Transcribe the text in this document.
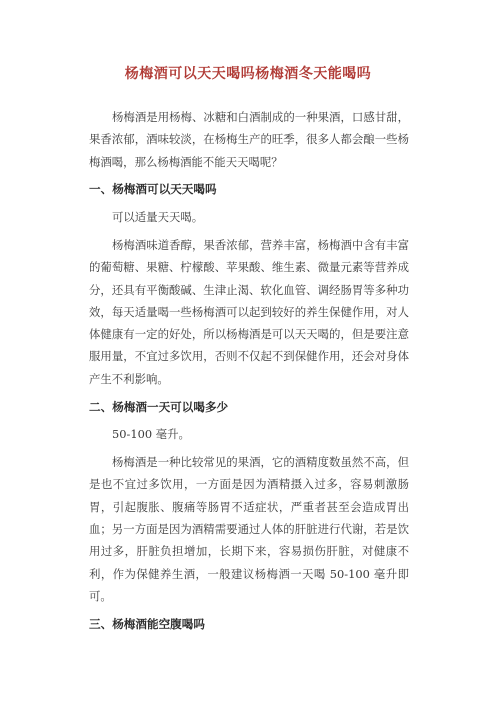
杨梅酒可以天天喝吗杨梅酒冬天能喝吗

杨梅酒是用杨梅、冰糖和白酒制成的一种果酒，口感甘甜，果香浓郁，酒味较淡，在杨梅生产的旺季，很多人都会酿一些杨梅酒喝，那么杨梅酒能不能天天喝呢？

一、杨梅酒可以天天喝吗

可以适量天天喝。

杨梅酒味道香醇，果香浓郁，营养丰富，杨梅酒中含有丰富的葡萄糖、果糖、柠檬酸、苹果酸、维生素、微量元素等营养成分，还具有平衡酸碱、生津止渴、软化血管、调经肠胃等多种功效，每天适量喝一些杨梅酒可以起到较好的养生保健作用，对人体健康有一定的好处，所以杨梅酒是可以天天喝的，但是要注意服用量，不宜过多饮用，否则不仅起不到保健作用，还会对身体产生不利影响。

二、杨梅酒一天可以喝多少

50-100 毫升。

杨梅酒是一种比较常见的果酒，它的酒精度数虽然不高，但是也不宜过多饮用，一方面是因为酒精摄入过多，容易刺激肠胃，引起腹胀、腹痛等肠胃不适症状，严重者甚至会造成胃出血；另一方面是因为酒精需要通过人体的肝脏进行代谢，若是饮用过多，肝脏负担增加，长期下来，容易损伤肝脏，对健康不利，作为保健养生酒，一般建议杨梅酒一天喝 50-100 毫升即可。

三、杨梅酒能空腹喝吗
